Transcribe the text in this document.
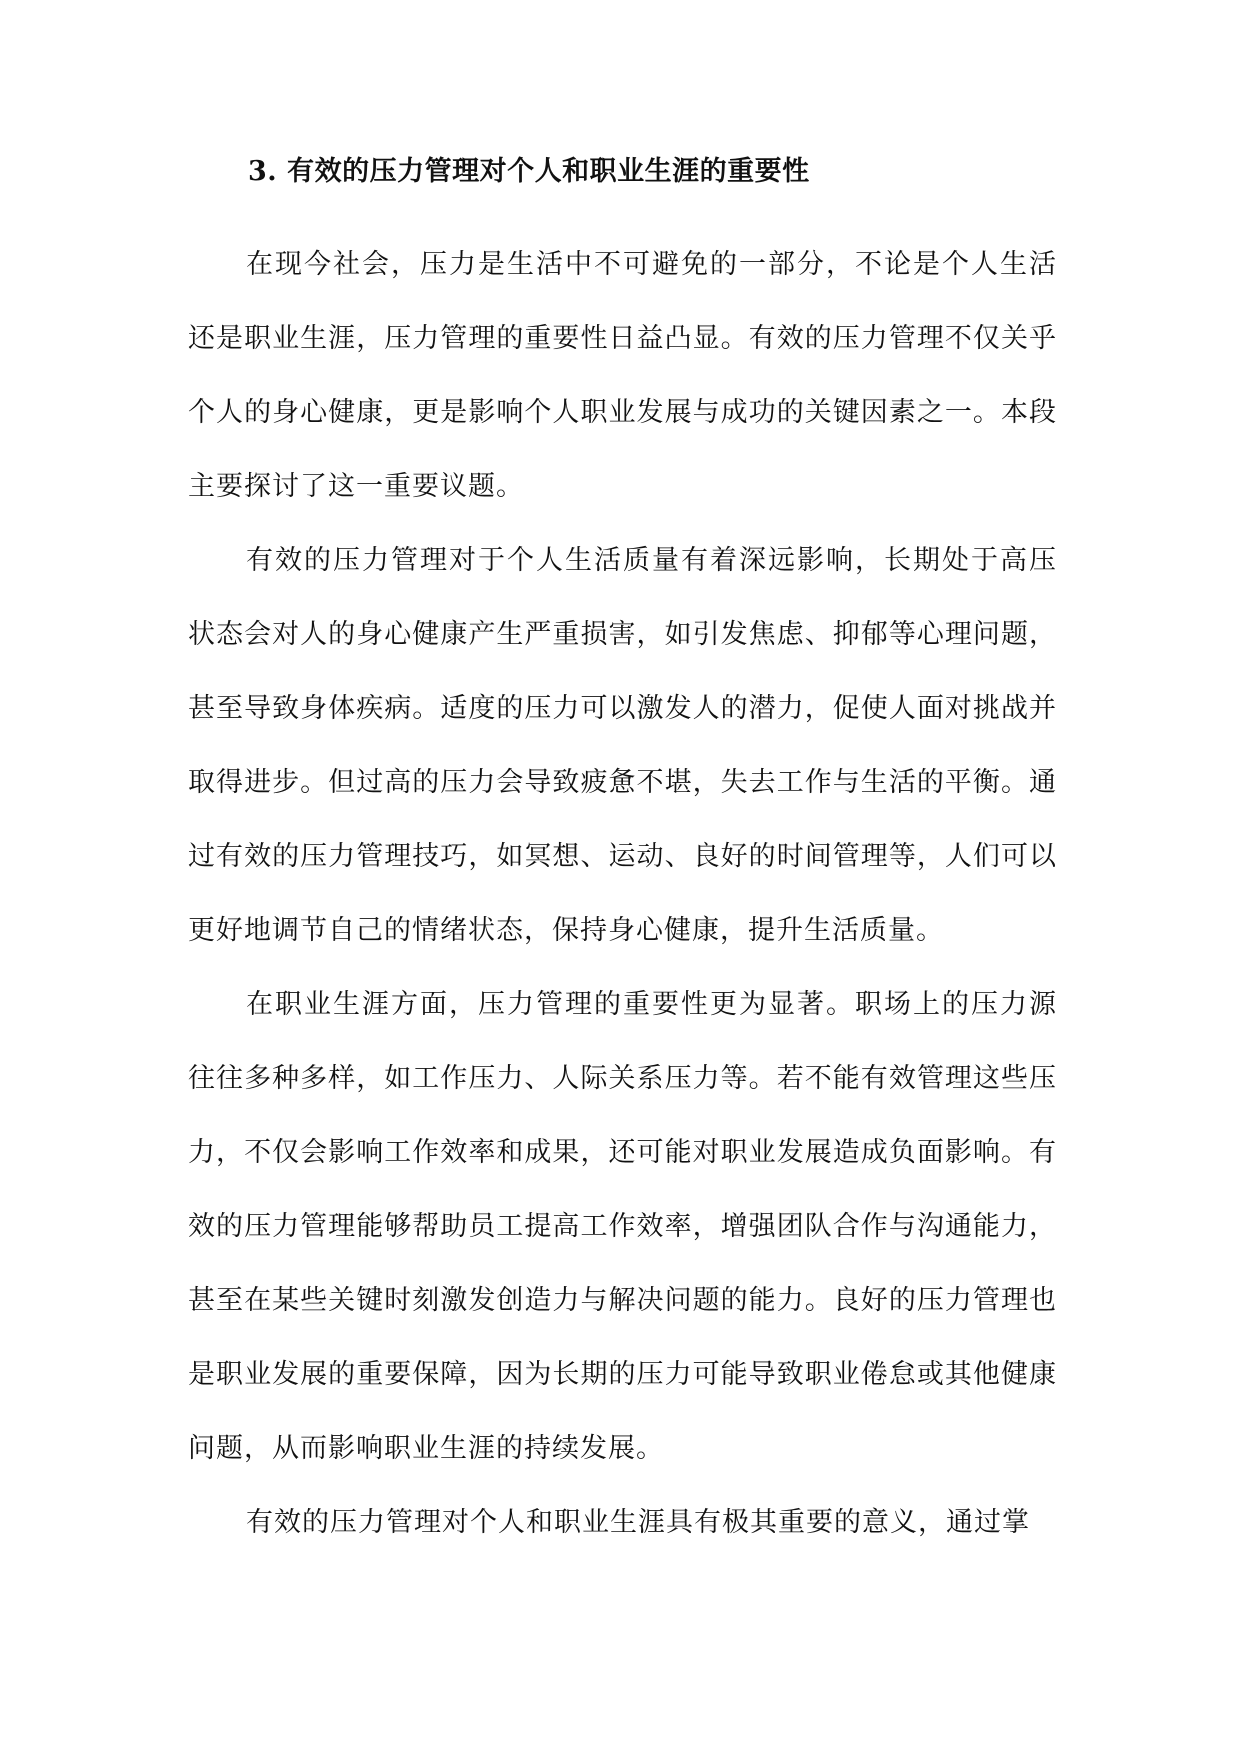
3. 有效的压力管理对个人和职业生涯的重要性

在现今社会，压力是生活中不可避免的一部分，不论是个人生活还是职业生涯，压力管理的重要性日益凸显。有效的压力管理不仅关乎个人的身心健康，更是影响个人职业发展与成功的关键因素之一。本段主要探讨了这一重要议题。

有效的压力管理对于个人生活质量有着深远影响，长期处于高压状态会对人的身心健康产生严重损害，如引发焦虑、抑郁等心理问题，甚至导致身体疾病。适度的压力可以激发人的潜力，促使人面对挑战并取得进步。但过高的压力会导致疲惫不堪，失去工作与生活的平衡。通过有效的压力管理技巧，如冥想、运动、良好的时间管理等，人们可以更好地调节自己的情绪状态，保持身心健康，提升生活质量。

在职业生涯方面，压力管理的重要性更为显著。职场上的压力源往往多种多样，如工作压力、人际关系压力等。若不能有效管理这些压力，不仅会影响工作效率和成果，还可能对职业发展造成负面影响。有效的压力管理能够帮助员工提高工作效率，增强团队合作与沟通能力，甚至在某些关键时刻激发创造力与解决问题的能力。良好的压力管理也是职业发展的重要保障，因为长期的压力可能导致职业倦怠或其他健康问题，从而影响职业生涯的持续发展。

有效的压力管理对个人和职业生涯具有极其重要的意义，通过掌
